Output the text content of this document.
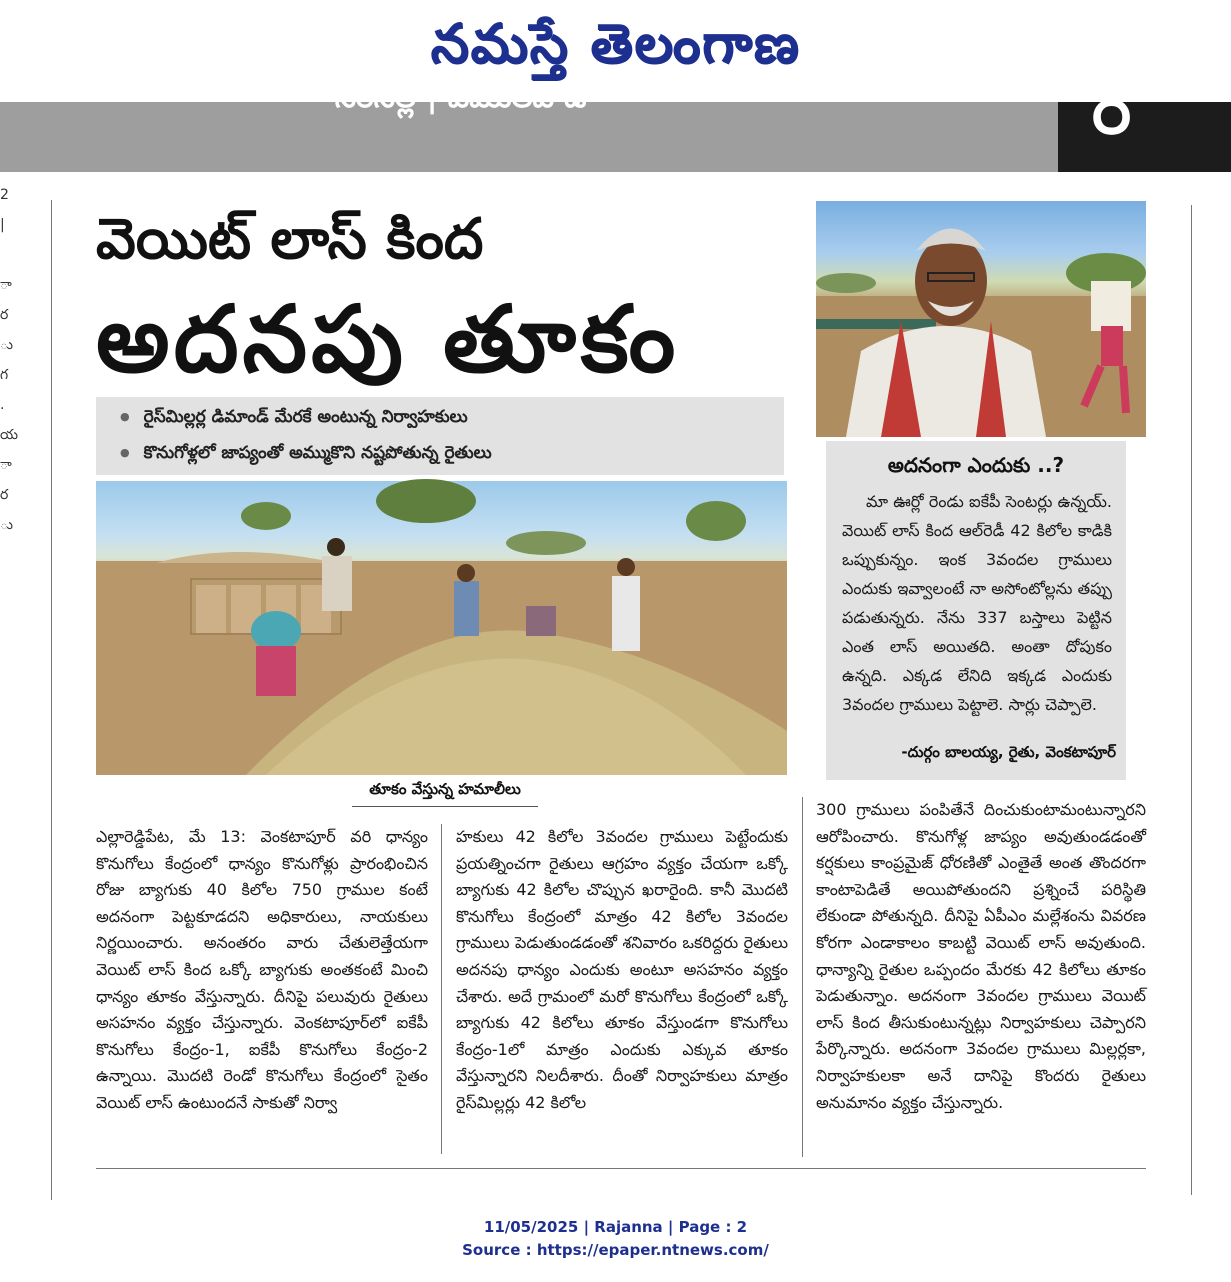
నమస్తే తెలంగాణ
సిరిసిల్ల | వేములవాడ	ర
2
|
ా
ర
ు
గ
.
య
ా
ర
ు
వెయిట్ లాస్ కింద
అదనపు తూకం
● రైస్‌మిల్లర్ల డిమాండ్ మేరకే అంటున్న నిర్వాహకులు
● కొనుగోళ్లలో జాప్యంతో అమ్ముకొని నష్టపోతున్న రైతులు
తూకం వేస్తున్న హమాలీలు
ఎల్లారెడ్డిపేట, మే 13: వెంకటాపూర్ వరి ధాన్యం కొనుగోలు కేంద్రంలో ధాన్యం కొనుగోళ్లు ప్రారంభించిన రోజు బ్యాగుకు 40 కిలోల 750 గ్రాముల కంటే అదనంగా పెట్టకూడదని అధికారులు, నాయకులు నిర్ణయించారు. అనంతరం వారు చేతులెత్తేయగా వెయిట్ లాస్ కింద ఒక్కో బ్యాగుకు అంతకంటే మించి ధాన్యం తూకం వేస్తున్నారు. దీనిపై పలువురు రైతులు అసహనం వ్యక్తం చేస్తున్నారు. వెంకటాపూర్‌లో ఐకేపీ కొనుగోలు కేంద్రం-1, ఐకేపీ కొనుగోలు కేంద్రం-2 ఉన్నాయి. మొదటి రెండో కొనుగోలు కేంద్రంలో సైతం వెయిట్ లాస్ ఉంటుందనే సాకుతో నిర్వా
హకులు 42 కిలోల 3వందల గ్రాములు పెట్టేందుకు ప్రయత్నించగా రైతులు ఆగ్రహం వ్యక్తం చేయగా ఒక్కో బ్యాగుకు 42 కిలోల చొప్పున ఖరారైంది. కానీ మొదటి కొనుగోలు కేంద్రంలో మాత్రం 42 కిలోల 3వందల గ్రాములు పెడుతుండడంతో శనివారం ఒకరిద్దరు రైతులు అదనపు ధాన్యం ఎందుకు అంటూ అసహనం వ్యక్తం చేశారు. అదే గ్రామంలో మరో కొనుగోలు కేంద్రంలో ఒక్కో బ్యాగుకు 42 కిలోలు తూకం వేస్తుండగా కొనుగోలు కేంద్రం-1లో మాత్రం ఎందుకు ఎక్కువ తూకం వేస్తున్నారని నిలదీశారు. దీంతో నిర్వాహకులు మాత్రం రైస్‌మిల్లర్లు 42 కిలోల
అదనంగా ఎందుకు ..?
మా ఊర్లో రెండు ఐకేపీ సెంటర్లు ఉన్నయ్. వెయిట్ లాస్ కింద ఆల్‌రెడీ 42 కిలోల కాడికి ఒప్పుకున్నం. ఇంక 3వందల గ్రాములు ఎందుకు ఇవ్వాలంటే నా అసోంటోల్లను తప్పు పడుతున్నరు. నేను 337 బస్తాలు పెట్టిన ఎంత లాస్ అయితది. అంతా దోపుకం ఉన్నది. ఎక్కడ లేనిది ఇక్కడ ఎందుకు 3వందల గ్రాములు పెట్టాలె. సార్లు చెప్పాలె.
-దుర్గం బాలయ్య, రైతు, వెంకటాపూర్
300 గ్రాములు పంపితేనే దించుకుంటామంటున్నారని ఆరోపించారు. కొనుగోళ్ల జాప్యం అవుతుండడంతో కర్షకులు కాంప్రమైజ్ ధోరణితో ఎంతైతే అంత తొందరగా కాంటాపెడితే అయిపోతుందని ప్రశ్నించే పరిస్థితి లేకుండా పోతున్నది. దీనిపై ఏపీఎం మల్లేశంను వివరణ కోరగా ఎండాకాలం కాబట్టి వెయిట్ లాస్ అవుతుంది. ధాన్యాన్ని రైతుల ఒప్పందం మేరకు 42 కిలోలు తూకం పెడుతున్నాం. అదనంగా 3వందల గ్రాములు వెయిట్ లాస్ కింద తీసుకుంటున్నట్లు నిర్వాహకులు చెప్పారని పేర్కొన్నారు. అదనంగా 3వందల గ్రాములు మిల్లర్లకా, నిర్వాహకులకా అనే దానిపై కొందరు రైతులు అనుమానం వ్యక్తం చేస్తున్నారు.
11/05/2025 | Rajanna | Page : 2
Source : https://epaper.ntnews.com/
